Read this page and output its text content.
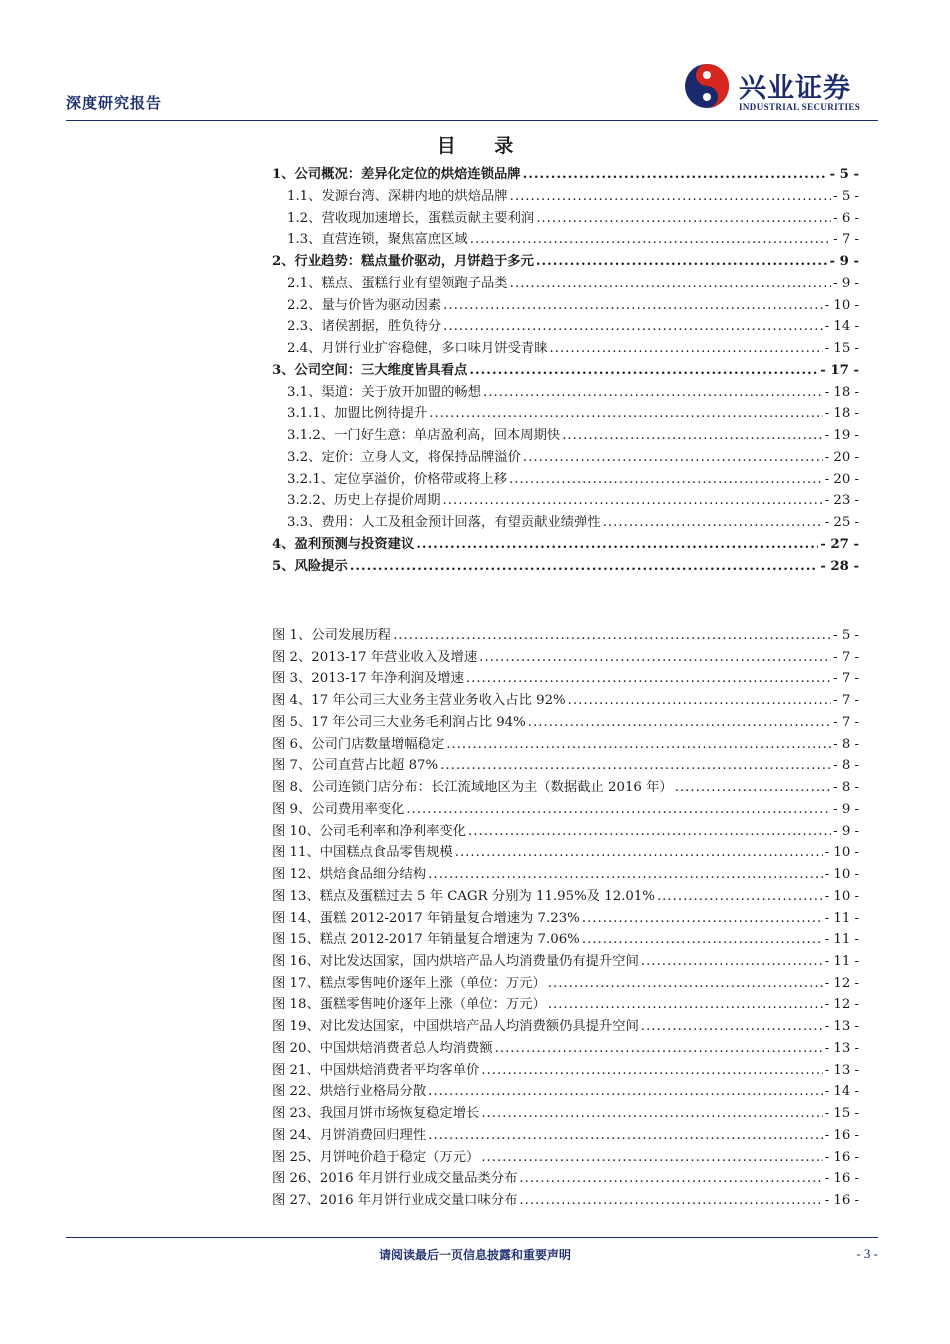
深度研究报告	兴业证券
INDUSTRIAL SECURITIES
目 录
1、公司概况：差异化定位的烘焙连锁品牌 .....	- 5 -
1.1、发源台湾、深耕内地的烘焙品牌 .....	- 5 -
1.2、营收现加速增长，蛋糕贡献主要利润 .....	- 6 -
1.3、直营连锁，聚焦富庶区域 .....	- 7 -
2、行业趋势：糕点量价驱动，月饼趋于多元 .....	- 9 -
2.1、糕点、蛋糕行业有望领跑子品类 .....	- 9 -
2.2、量与价皆为驱动因素 .....	- 10 -
2.3、诸侯割据，胜负待分 .....	- 14 -
2.4、月饼行业扩容稳健，多口味月饼受青睐 .....	- 15 -
3、公司空间：三大维度皆具看点 .....	- 17 -
3.1、渠道：关于放开加盟的畅想 .....	- 18 -
3.1.1、加盟比例待提升 .....	- 18 -
3.1.2、一门好生意：单店盈利高，回本周期快 .....	- 19 -
3.2、定价：立身人文，将保持品牌溢价 .....	- 20 -
3.2.1、定位享溢价，价格带或将上移 .....	- 20 -
3.2.2、历史上存提价周期 .....	- 23 -
3.3、费用：人工及租金预计回落，有望贡献业绩弹性 .....	- 25 -
4、盈利预测与投资建议 .....	- 27 -
5、风险提示 .....	- 28 -
图 1、公司发展历程 .....	- 5 -
图 2、2013-17 年营业收入及增速 .....	- 7 -
图 3、2013-17 年净利润及增速 .....	- 7 -
图 4、17 年公司三大业务主营业务收入占比 92% .....	- 7 -
图 5、17 年公司三大业务毛利润占比 94% .....	- 7 -
图 6、公司门店数量增幅稳定 .....	- 8 -
图 7、公司直营占比超 87% .....	- 8 -
图 8、公司连锁门店分布：长江流域地区为主（数据截止 2016 年） .....	- 8 -
图 9、公司费用率变化 .....	- 9 -
图 10、公司毛利率和净利率变化 .....	- 9 -
图 11、中国糕点食品零售规模 .....	- 10 -
图 12、烘焙食品细分结构 .....	- 10 -
图 13、糕点及蛋糕过去 5 年 CAGR 分别为 11.95%及 12.01% .....	- 10 -
图 14、蛋糕 2012-2017 年销量复合增速为 7.23% .....	- 11 -
图 15、糕点 2012-2017 年销量复合增速为 7.06% .....	- 11 -
图 16、对比发达国家，国内烘培产品人均消费量仍有提升空间 .....	- 11 -
图 17、糕点零售吨价逐年上涨（单位：万元） .....	- 12 -
图 18、蛋糕零售吨价逐年上涨（单位：万元） .....	- 12 -
图 19、对比发达国家，中国烘培产品人均消费额仍具提升空间 .....	- 13 -
图 20、中国烘焙消费者总人均消费额 .....	- 13 -
图 21、中国烘焙消费者平均客单价 .....	- 13 -
图 22、烘焙行业格局分散 .....	- 14 -
图 23、我国月饼市场恢复稳定增长 .....	- 15 -
图 24、月饼消费回归理性 .....	- 16 -
图 25、月饼吨价趋于稳定（万元） .....	- 16 -
图 26、2016 年月饼行业成交量品类分布 .....	- 16 -
图 27、2016 年月饼行业成交量口味分布 .....	- 16 -
请阅读最后一页信息披露和重要声明	- 3 -
